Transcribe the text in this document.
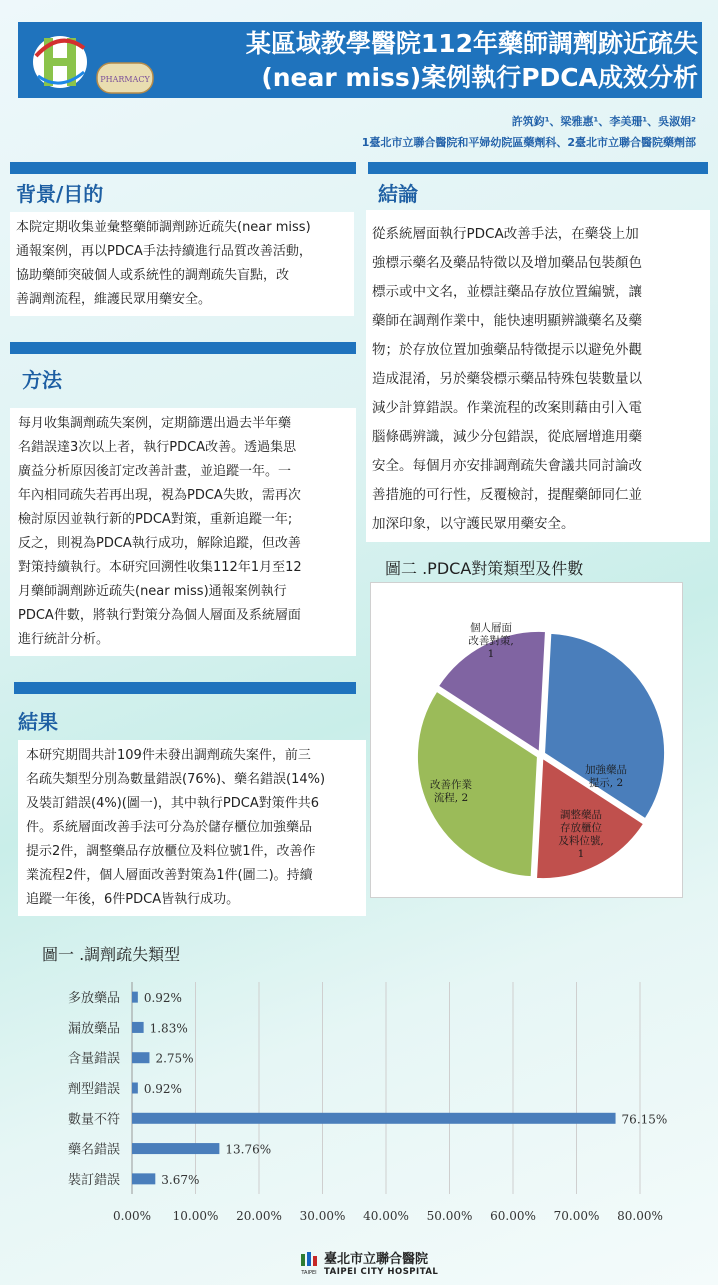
某區域教學醫院112年藥師調劑跡近疏失
(near miss)案例執行PDCA成效分析
PHARMACY
許筑鈞¹、梁雅惠¹、李美珊¹、吳淑娟²
1臺北市立聯合醫院和平婦幼院區藥劑科、2臺北市立聯合醫院藥劑部
背景/目的
本院定期收集並彙整藥師調劑跡近疏失(near miss)
通報案例，再以PDCA手法持續進行品質改善活動，
協助藥師突破個人或系統性的調劑疏失盲點，改
善調劑流程，維護民眾用藥安全。
方法
每月收集調劑疏失案例，定期篩選出過去半年藥
名錯誤達3次以上者，執行PDCA改善。透過集思
廣益分析原因後訂定改善計畫，並追蹤一年。一
年內相同疏失若再出現，視為PDCA失敗，需再次
檢討原因並執行新的PDCA對策，重新追蹤一年;
反之，則視為PDCA執行成功，解除追蹤，但改善
對策持續執行。本研究回溯性收集112年1月至12
月藥師調劑跡近疏失(near miss)通報案例執行
PDCA件數，將執行對策分為個人層面及系統層面
進行統計分析。
結果
本研究期間共計109件未發出調劑疏失案件，前三
名疏失類型分別為數量錯誤(76%)、藥名錯誤(14%)
及裝訂錯誤(4%)(圖一)，其中執行PDCA對策件共6
件。系統層面改善手法可分為於儲存櫃位加強藥品
提示2件，調整藥品存放櫃位及料位號1件，改善作
業流程2件，個人層面改善對策為1件(圖二)。持續
追蹤一年後，6件PDCA皆執行成功。
結論
從系統層面執行PDCA改善手法，在藥袋上加
強標示藥名及藥品特徵以及增加藥品包裝顏色
標示或中文名，並標註藥品存放位置編號，讓
藥師在調劑作業中，能快速明顯辨識藥名及藥
物；於存放位置加強藥品特徵提示以避免外觀
造成混淆，另於藥袋標示藥品特殊包裝數量以
減少計算錯誤。作業流程的改案則藉由引入電
腦條碼辨識，減少分包錯誤，從底層增進用藥
安全。每個月亦安排調劑疏失會議共同討論改
善措施的可行性，反覆檢討，提醒藥師同仁並
加深印象，以守護民眾用藥安全。
圖二 .PDCA對策類型及件數
加強藥品提示, 2
調整藥品存放櫃位及料位號, 1
改善作業流程, 2
個人層面改善對策, 1
圖一 .調劑疏失類型
0.00% 10.00% 20.00% 30.00% 40.00% 50.00% 60.00% 70.00% 80.00%
多放藥品 0.92%
漏放藥品 1.83%
含量錯誤	2.75%
劑型錯誤 0.92%
數量不符	76.15%
藥名錯誤	13.76%
裝訂錯誤	3.67%
TAIPEI
臺北市立聯合醫院
TAIPEI CITY HOSPITAL
